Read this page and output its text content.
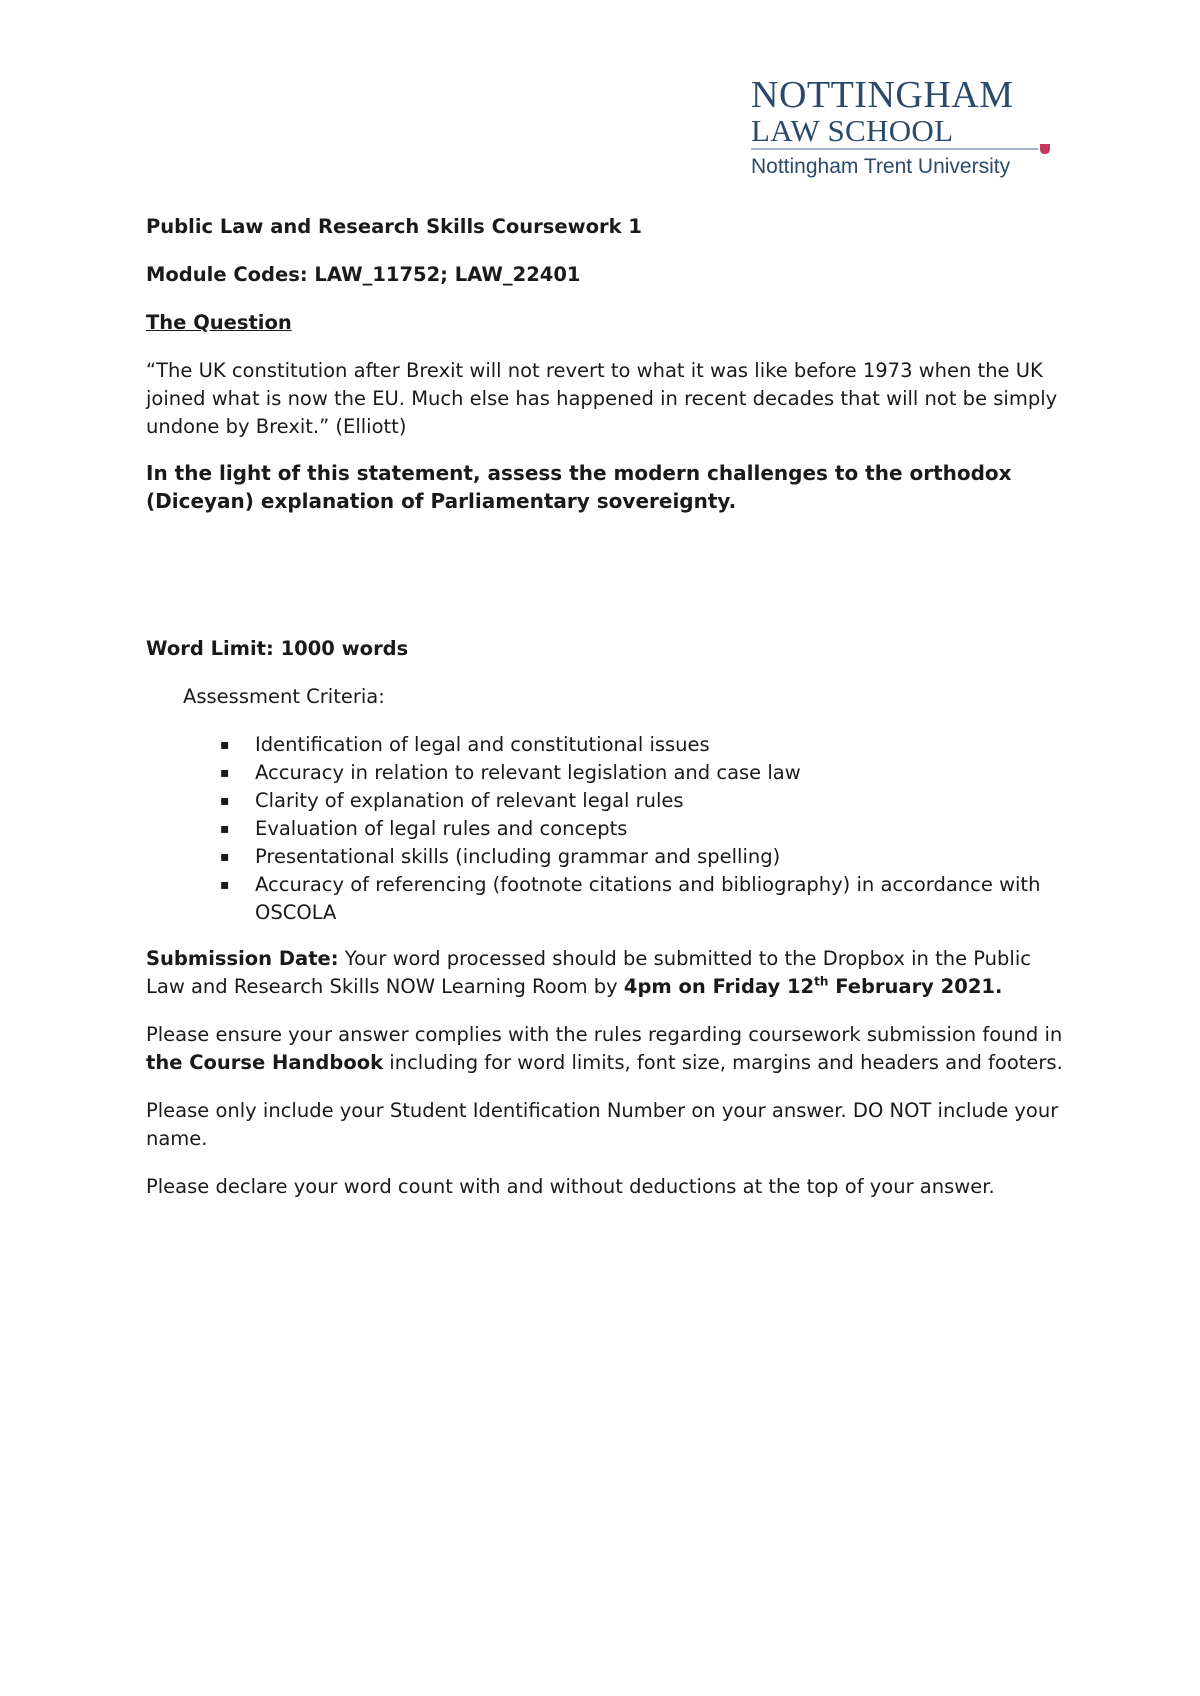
NOTTINGHAM
LAW SCHOOL
Nottingham Trent University

Public Law and Research Skills Coursework 1

Module Codes: LAW_11752; LAW_22401

The Question

“The UK constitution after Brexit will not revert to what it was like before 1973 when the UK joined what is now the EU. Much else has happened in recent decades that will not be simply undone by Brexit.” (Elliott)

In the light of this statement, assess the modern challenges to the orthodox (Diceyan) explanation of Parliamentary sovereignty.

Word Limit: 1000 words

Assessment Criteria:

▪ Identification of legal and constitutional issues
▪ Accuracy in relation to relevant legislation and case law
▪ Clarity of explanation of relevant legal rules
▪ Evaluation of legal rules and concepts
▪ Presentational skills (including grammar and spelling)
▪ Accuracy of referencing (footnote citations and bibliography) in accordance with OSCOLA

Submission Date: Your word processed should be submitted to the Dropbox in the Public Law and Research Skills NOW Learning Room by 4pm on Friday 12th February 2021.

Please ensure your answer complies with the rules regarding coursework submission found in the Course Handbook including for word limits, font size, margins and headers and footers.

Please only include your Student Identification Number on your answer. DO NOT include your name.

Please declare your word count with and without deductions at the top of your answer.
